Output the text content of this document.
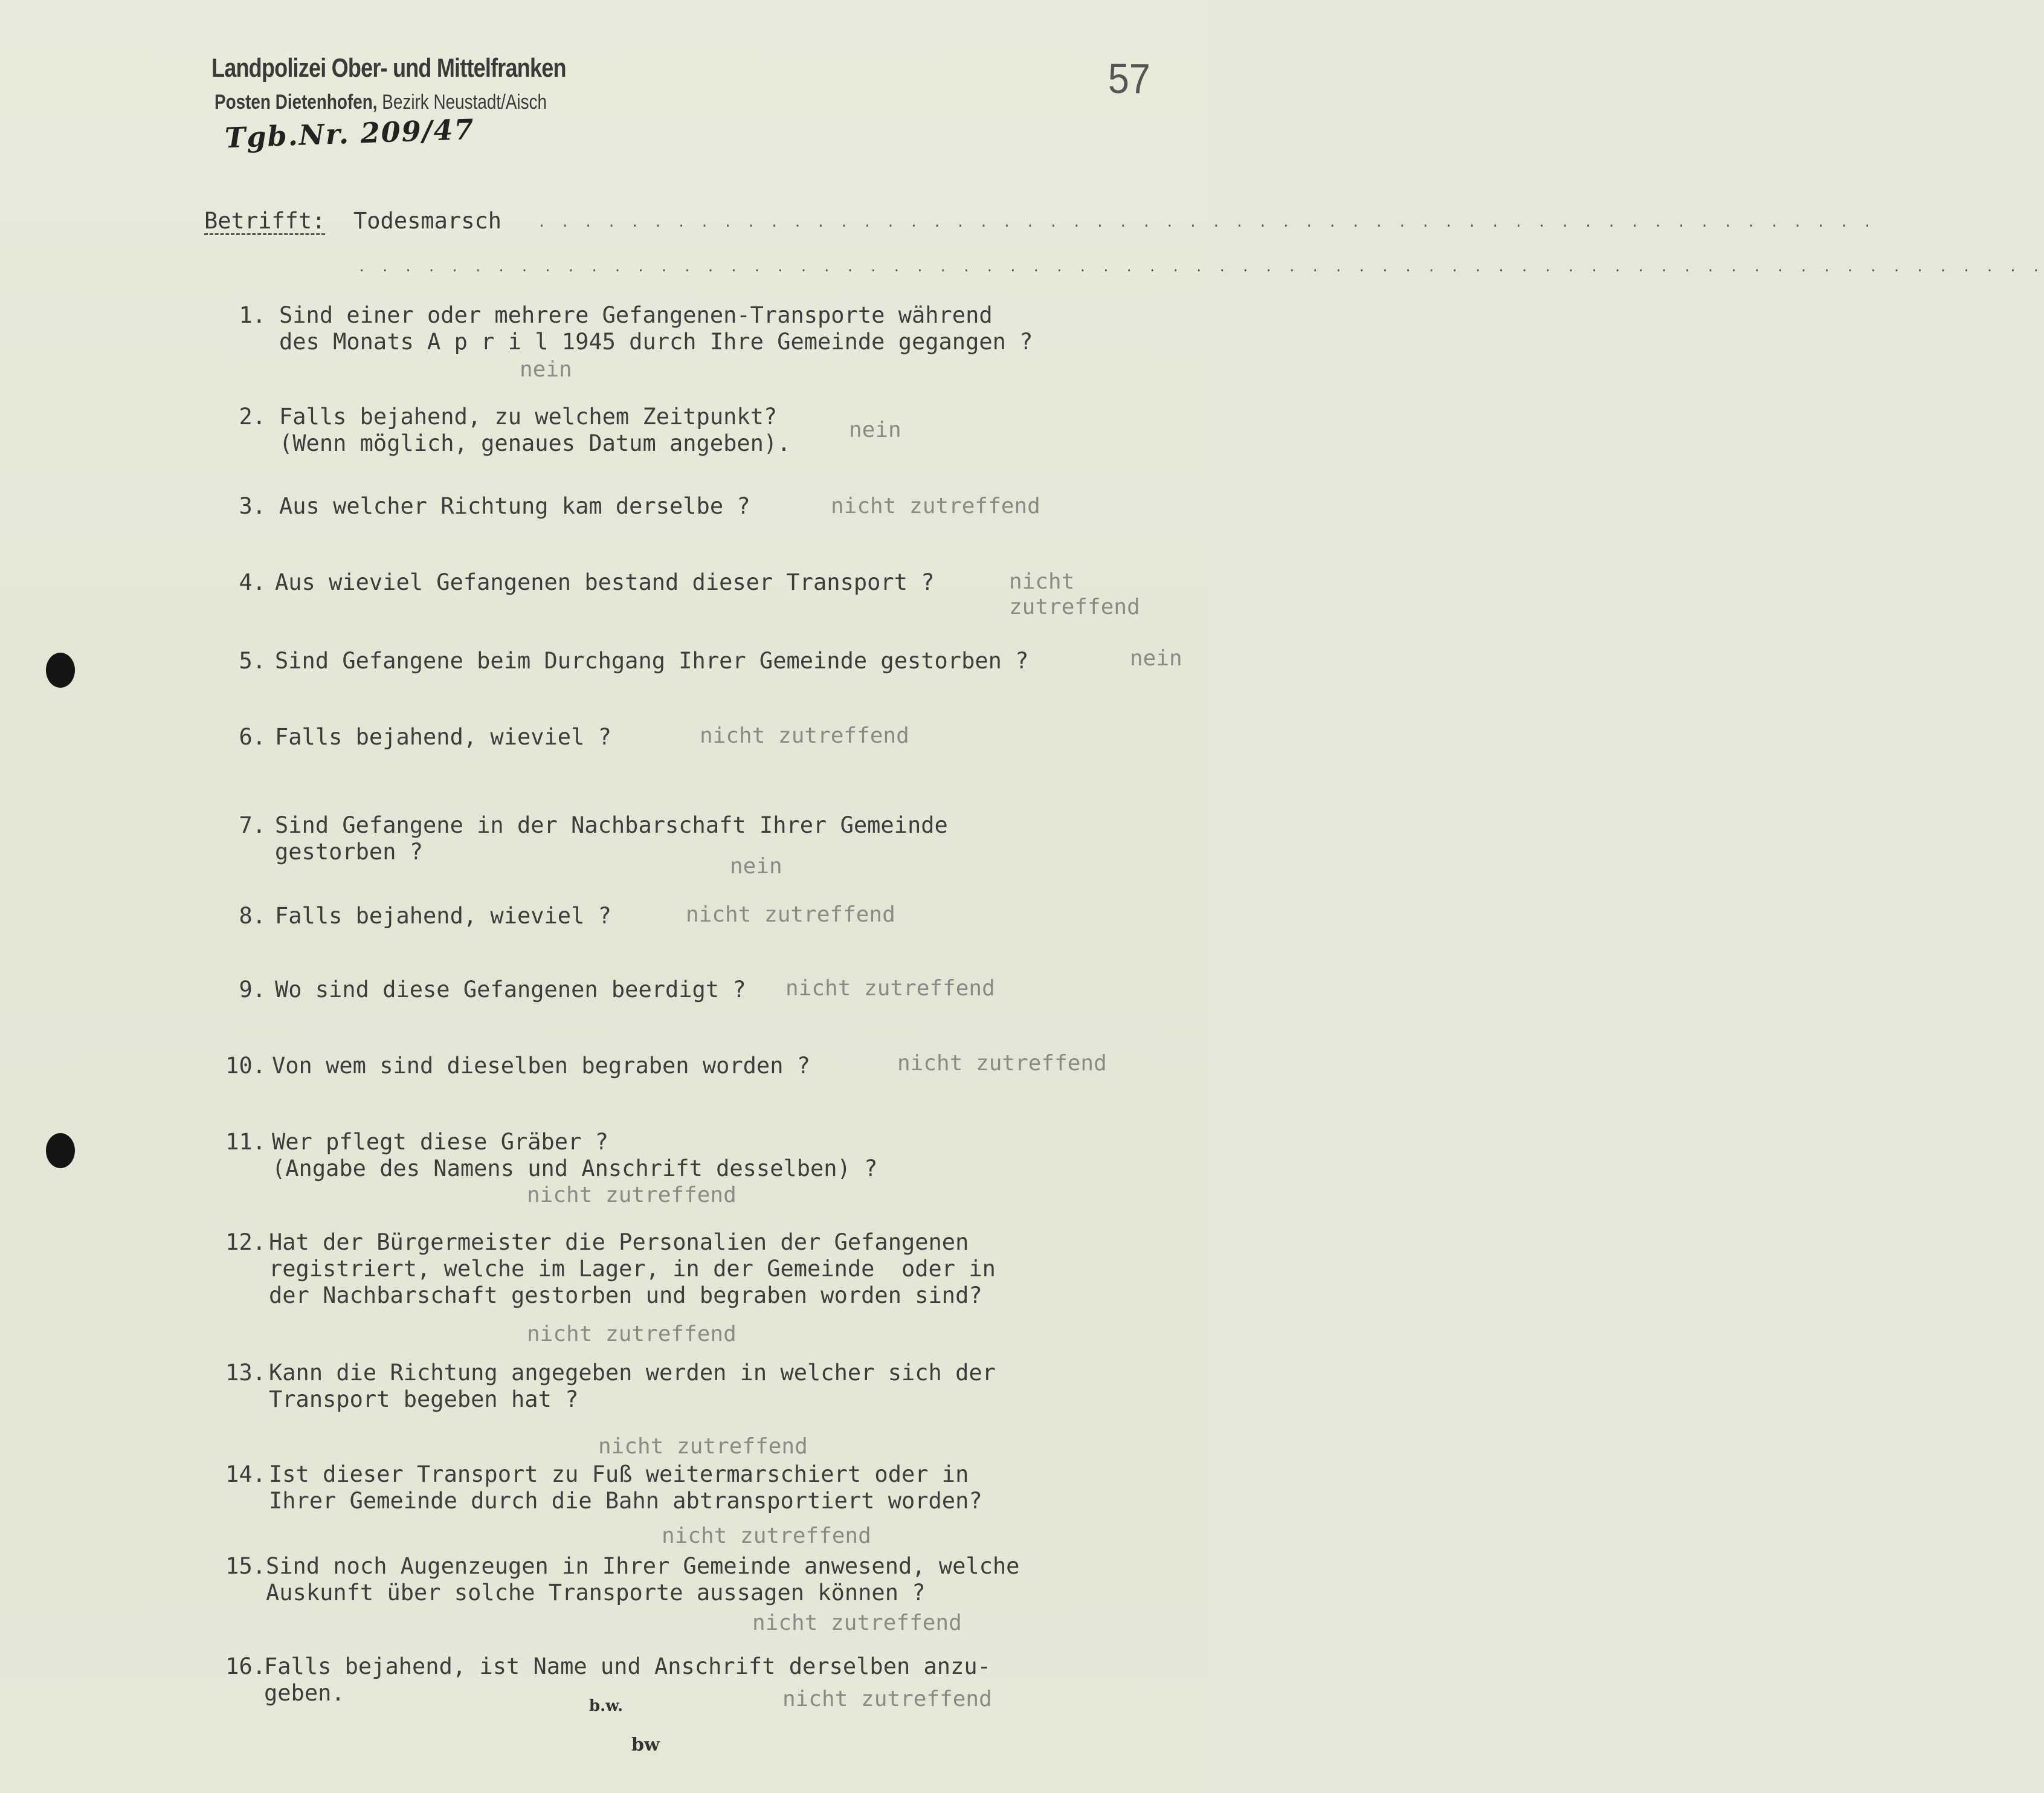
Landpolizei Ober- und Mittelfranken
Posten Dietenhofen, Bezirk Neustadt/Aisch
Tgb.Nr. 209/47
57
Betrifft: Todesmarsch	· · · · · · · · · · · · · · · · · · · · · · · · · · · · · · · · · · · · · · · · · · · · · · · · · · · · · · · · · ·
· · · · · · · · · · · · · · · · · · · · · · · · · · · · · · · · · · · · · · · · · · · · · · · · · · · · · · · · · · · · · · · · · · · · · · · · ·
1. Sind einer oder mehrere Gefangenen-Transporte während
des Monats A p r i l 1945 durch Ihre Gemeinde gegangen ?
nein
2. Falls bejahend, zu welchem Zeitpunkt?
(Wenn möglich, genaues Datum angeben).
nein
3. Aus welcher Richtung kam derselbe ?	nicht zutreffend
4. Aus wieviel Gefangenen bestand dieser Transport ?	nicht zutreffend
5. Sind Gefangene beim Durchgang Ihrer Gemeinde gestorben ?	nein
6. Falls bejahend, wieviel ?	nicht zutreffend
7. Sind Gefangene in der Nachbarschaft Ihrer Gemeinde
gestorben ?
nein
8. Falls bejahend, wieviel ?	nicht zutreffend
9. Wo sind diese Gefangenen beerdigt ? nicht zutreffend
10. Von wem sind dieselben begraben worden ?	nicht zutreffend
11. Wer pflegt diese Gräber ?
(Angabe des Namens und Anschrift desselben) ?
nicht zutreffend
12. Hat der Bürgermeister die Personalien der Gefangenen
registriert, welche im Lager, in der Gemeinde  oder in
der Nachbarschaft gestorben und begraben worden sind?
nicht zutreffend
13. Kann die Richtung angegeben werden in welcher sich der
Transport begeben hat ?
nicht zutreffend
14. Ist dieser Transport zu Fuß weitermarschiert oder in
Ihrer Gemeinde durch die Bahn abtransportiert worden?
nicht zutreffend
15. Sind noch Augenzeugen in Ihrer Gemeinde anwesend, welche
Auskunft über solche Transporte aussagen können ?
nicht zutreffend
16.
Falls bejahend, ist Name und Anschrift derselben anzu-
geben.	nicht zutreffend
b.w.
bw
